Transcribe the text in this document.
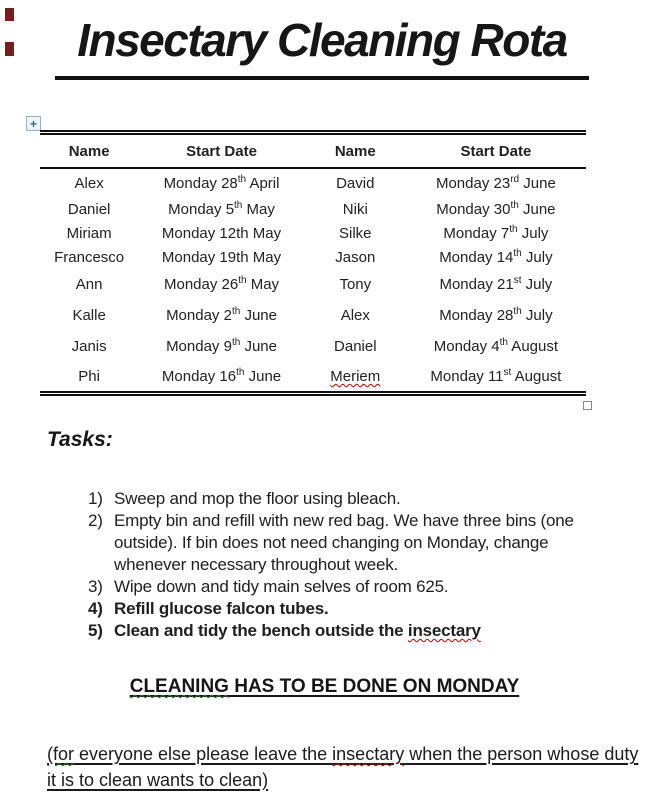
Insectary Cleaning Rota
+
Name	Start Date	Name	Start Date
Alex	Monday 28th April	David	Monday 23rd June
Daniel	Monday 5th May	Niki	Monday 30th June
Miriam	Monday 12th May	Silke	Monday 7th July
Francesco	Monday 19th May	Jason	Monday 14th July
Ann	Monday 26th May	Tony	Monday 21st July
Kalle	Monday 2th June	Alex	Monday 28th July
Janis	Monday 9th June	Daniel	Monday 4th August
Phi	Monday 16th June	Meriem	Monday 11st August
Tasks:
1) Sweep and mop the floor using bleach.
2) Empty bin and refill with new red bag. We have three bins (one outside). If bin does not need changing on Monday, change whenever necessary throughout week.
3) Wipe down and tidy main selves of room 625.
4) Refill glucose falcon tubes.
5) Clean and tidy the bench outside the insectary
CLEANING HAS TO BE DONE ON MONDAY
(for everyone else please leave the insectary when the person whose duty it is to clean wants to clean)
